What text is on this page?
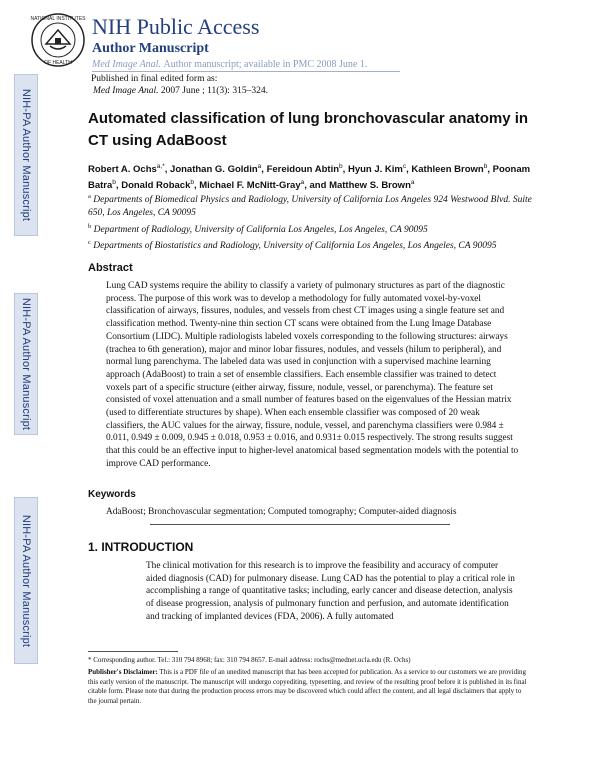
NIH-PA Author Manuscript
NIH-PA Author Manuscript
NIH-PA Author Manuscript
NATIONAL INSTITUTES
OF HEALTH
NIH Public Access
Author Manuscript
Med Image Anal. Author manuscript; available in PMC 2008 June 1.
Published in final edited form as:
Med Image Anal. 2007 June ; 11(3): 315–324.
Automated classification of lung bronchovascular anatomy in CT using AdaBoost
Robert A. Ochs$^{a,*}$, Jonathan G. Goldin$^a$, Fereidoun Abtin$^b$, Hyun J. Kim$^c$, Kathleen Brown$^b$, Poonam Batra$^b$, Donald Roback$^b$, Michael F. McNitt-Gray$^a$, and Matthew S. Brown$^a$
$^a$ Departments of Biomedical Physics and Radiology, University of California Los Angeles 924 Westwood Blvd. Suite 650, Los Angeles, CA 90095
$^b$ Department of Radiology, University of California Los Angeles, Los Angeles, CA 90095
$^c$ Departments of Biostatistics and Radiology, University of California Los Angeles, Los Angeles, CA 90095
Abstract
Lung CAD systems require the ability to classify a variety of pulmonary structures as part of the diagnostic process. The purpose of this work was to develop a methodology for fully automated voxel-by-voxel classification of airways, fissures, nodules, and vessels from chest CT images using a single feature set and classification method. Twenty-nine thin section CT scans were obtained from the Lung Image Database Consortium (LIDC). Multiple radiologists labeled voxels corresponding to the following structures: airways (trachea to 6th generation), major and minor lobar fissures, nodules, and vessels (hilum to peripheral), and normal lung parenchyma. The labeled data was used in conjunction with a supervised machine learning approach (AdaBoost) to train a set of ensemble classifiers. Each ensemble classifier was trained to detect voxels part of a specific structure (either airway, fissure, nodule, vessel, or parenchyma). The feature set consisted of voxel attenuation and a small number of features based on the eigenvalues of the Hessian matrix (used to differentiate structures by shape). When each ensemble classifier was composed of 20 weak classifiers, the AUC values for the airway, fissure, nodule, vessel, and parenchyma classifiers were 0.984 ± 0.011, 0.949 ± 0.009, 0.945 ± 0.018, 0.953 ± 0.016, and 0.931± 0.015 respectively. The strong results suggest that this could be an effective input to higher-level anatomical based segmentation models with the potential to improve CAD performance.
Keywords
AdaBoost; Bronchovascular segmentation; Computed tomography; Computer-aided diagnosis
1. INTRODUCTION
The clinical motivation for this research is to improve the feasibility and accuracy of computer aided diagnosis (CAD) for pulmonary disease. Lung CAD has the potential to play a critical role in accomplishing a range of quantitative tasks; including, early cancer and disease detection, analysis of disease progression, analysis of pulmonary function and perfusion, and automate identification and tracking of implanted devices (FDA, 2006). A fully automated
* Corresponding author. Tel.: 310 794 8968; fax: 310 794 8657. E-mail address: rochs@mednet.ucla.edu (R. Ochs)
Publisher's Disclaimer: This is a PDF file of an unedited manuscript that has been accepted for publication. As a service to our customers we are providing this early version of the manuscript. The manuscript will undergo copyediting, typesetting, and review of the resulting proof before it is published in its final citable form. Please note that during the production process errors may be discovered which could affect the content, and all legal disclaimers that apply to the journal pertain.
